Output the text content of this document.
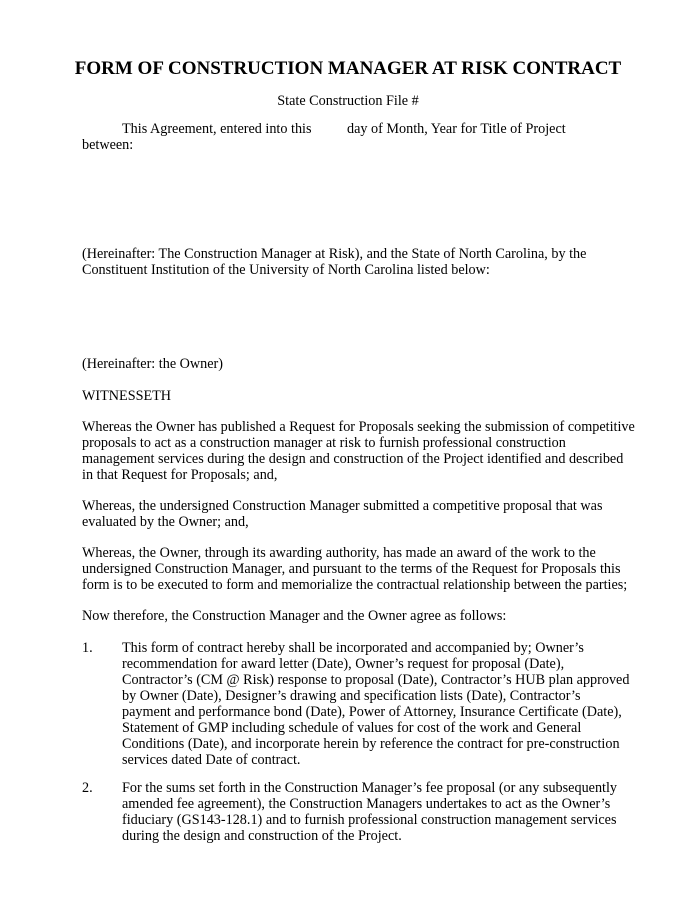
FORM OF CONSTRUCTION MANAGER AT RISK CONTRACT
State Construction File #
This Agreement, entered into this day of Month, Year for Title of Project
between:
(Hereinafter: The Construction Manager at Risk), and the State of North Carolina, by the
Constituent Institution of the University of North Carolina listed below:
(Hereinafter: the Owner)
WITNESSETH
Whereas the Owner has published a Request for Proposals seeking the submission of competitive
proposals to act as a construction manager at risk to furnish professional construction
management services during the design and construction of the Project identified and described
in that Request for Proposals; and,
Whereas, the undersigned Construction Manager submitted a competitive proposal that was
evaluated by the Owner; and,
Whereas, the Owner, through its awarding authority, has made an award of the work to the
undersigned Construction Manager, and pursuant to the terms of the Request for Proposals this
form is to be executed to form and memorialize the contractual relationship between the parties;
Now therefore, the Construction Manager and the Owner agree as follows:
1. This form of contract hereby shall be incorporated and accompanied by; Owner’s
recommendation for award letter (Date), Owner’s request for proposal (Date),
Contractor’s (CM @ Risk) response to proposal (Date), Contractor’s HUB plan approved
by Owner (Date), Designer’s drawing and specification lists (Date), Contractor’s
payment and performance bond (Date), Power of Attorney, Insurance Certificate (Date),
Statement of GMP including schedule of values for cost of the work and General
Conditions (Date), and incorporate herein by reference the contract for pre-construction
services dated Date of contract.
2. For the sums set forth in the Construction Manager’s fee proposal (or any subsequently
amended fee agreement), the Construction Managers undertakes to act as the Owner’s
fiduciary (GS143-128.1) and to furnish professional construction management services
during the design and construction of the Project.
